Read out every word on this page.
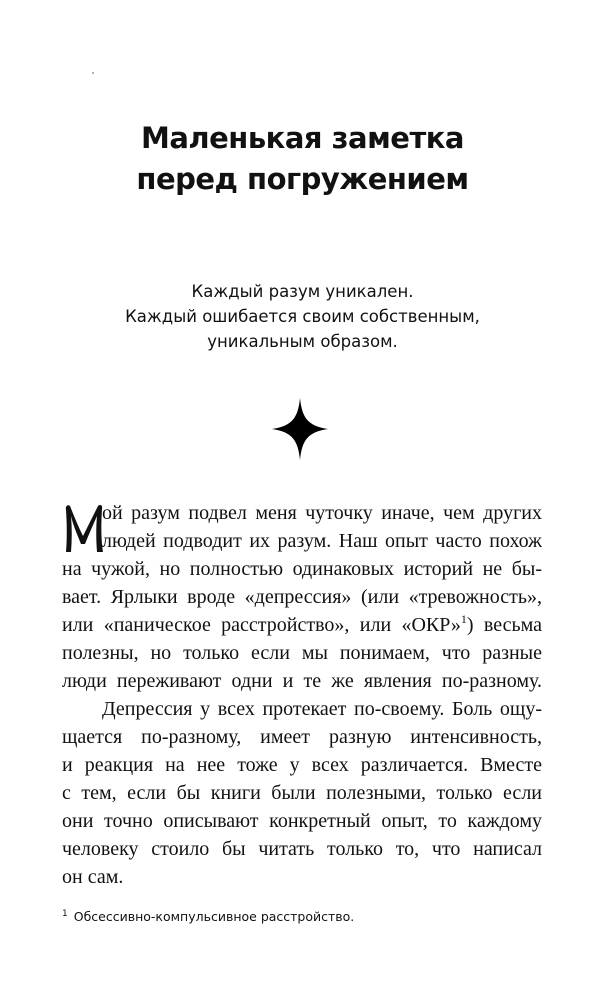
Маленькая заметка
перед погружением

Каждый разум уникален.
Каждый ошибается своим собственным,
уникальным образом.

ой разум подвел меня чуточку иначе, чем других
людей подводит их разум. Наш опыт часто похож
на чужой, но полностью одинаковых историй не бы-
вает. Ярлыки вроде «депрессия» (или «тревожность»,
или «паническое расстройство», или «ОКР»$^1$) весьма
полезны, но только если мы понимаем, что разные
люди переживают одни и те же явления по-разному.
Депрессия у всех протекает по-своему. Боль ощу-
щается по-разному, имеет разную интенсивность,
и реакция на нее тоже у всех различается. Вместе
с тем, если бы книги были полезными, только если
они точно описывают конкретный опыт, то каждому
человеку стоило бы читать только то, что написал
он сам.
$^1$ Обсессивно-компульсивное расстройство.
